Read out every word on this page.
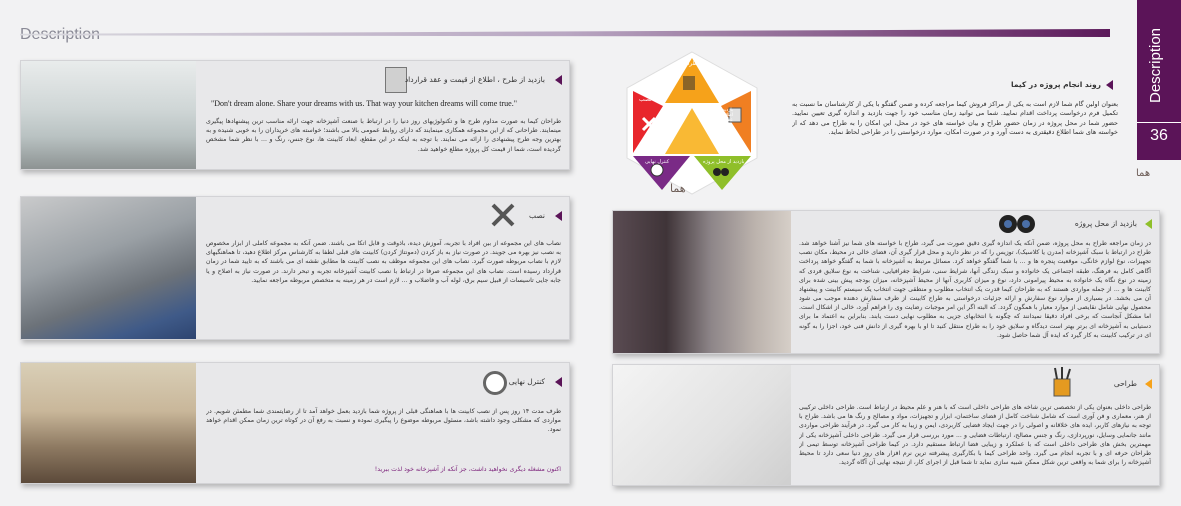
Description
36
طراحی
بازدید از طرح ، اطلاع از قیمت و عقد قرارداد
بازدید از محل پروژه
کنترل نهایی
نصب
ﻫﻤﺎ
روند انجام پروژه در کیما
بعنوان اولین گام شما لازم است به یکی از مراکز فروش کیما مراجعه کرده و ضمن گفتگو با یکی از کارشناسان ما نسبت به تکمیل فرم درخواست پرداخت اقدام نمایید. شما می توانید زمان مناسب خود را جهت بازدید و اندازه گیری تعیین نمایید. حضور شما در محل پروژه در زمان حضور طراح و بیان خواسته های خود در محل، این امکان را به طراح می دهد که از خواسته های شما اطلاع دقیقتری به دست آورد و در صورت امکان، موارد درخواستی را در طراحی لحاظ نماید.
ﻫﻤﺎ
بازدید از طرح ، اطلاع از قیمت و عقد قرارداد
"Don't dream alone. Share your dreams with us. That way your kitchen dreams will come true."
طراحان کیما به صورت مداوم طرح ها و تکنولوژیهای روز دنیا را در ارتباط با صنعت آشپزخانه جهت ارائه مناسب ترین پیشنهادها پیگیری مینمایند. طراحانی که از این مجموعه همکاری مینمایند که دارای روابط عمومی بالا می باشند؛ خواسته های خریداران را به خوبی شنیده و به بهترین وجه طرح پیشنهادی را ارائه می نمایند. با توجه به اینکه در این مقطع، ابعاد کابینت ها، نوع جنس، رنگ و ... با نظر شما مشخص گردیده است، شما از قیمت کل پروژه مطلع خواهید شد.
نصب
نصاب های این مجموعه از بین افراد با تجربه، آموزش دیده، باذوقت و قابل اتکا می باشند. ضمن آنکه به مجموعه کاملی از ابزار مخصوص به نصب نیز بهره می جویند. در صورت نیاز به باز کردن (دمونتاژ کردن) کابینت های قبلی لطفا به کارشناس مرکز اطلاع دهید، تا هماهنگیهای لازم با نصاب مربوطه صورت گیرد. نصاب های این مجموعه موظف به نصب کابینت ها مطابق نقشه ای می باشند که به تایید شما در زمان قرارداد رسیده است. نصاب های این مجموعه صرفا در ارتباط با نصب کابینت آشپزخانه تجربه و تبحر دارند. در صورت نیاز به اصلاح و یا جابه جایی تاسیسات از قبیل سیم برق، لوله آب و فاضلاب و ... لازم است در هر زمینه به متخصص مربوطه مراجعه نمایید.
کنترل نهایی
طرف مدت ۱۴ روز پس از نصب کابینت ها با هماهنگی قبلی از پروژه شما بازدید بعمل خواهد آمد تا از رضایتمندی شما مطمئن شویم. در مواردی که مشکلی وجود داشته باشد، مسئول مربوطه موضوع را پیگیری نموده و نسبت به رفع آن در کوتاه ترین زمان ممکن اقدام خواهد نمود.
اکنون مشغله دیگری نخواهید داشت، جز آنکه از آشپزخانه خود لذت ببرید!
بازدید از محل پروژه
در زمان مراجعه طراح به محل پروژه، ضمن آنکه یک اندازه گیری دقیق صورت می گیرد، طراح با خواسته های شما نیز آشنا خواهد شد. طراح در ارتباط با سبک آشپزخانه (مدرن یا کلاسیک)، توزیس را که در نظر دارید و محل قرار گیری آن، فضای خالی در محیط، مکان نصب تجهیزات، نوع لوازم خانگی، موقعیت پنجره ها و ... با شما گفتگو خواهد کرد. مسائل مرتبط به آشپزخانه با شما به گفتگو خواهد پرداخت آگاهی کامل به فرهنگ، طبقه اجتماعی یک خانواده و سبک زندگی آنها، شرایط سنی، شرایط جغرافیایی، شناخت به نوع سلایق فردی که زمینه در نوع نگاه یک خانواده به محیط پیرامونی دارد، نوع و میزان کاربری آنها از محیط آشپزخانه، میزان بودجه پیش بینی شده برای کابینت ها و ... از جمله مواردی هستند که به طراحان کیما قدرت یک انتخاب مطلوب و منطقی جهت انتخاب یک سیستم کابینت و پیشنهاد آن می بخشد. در بسیاری از موارد نوع سفارش و ارائه جزئیات درخواستی به طراح کابینت از طرف سفارش دهنده موجب می شود محصول نهایی شامل نقایصی از موارد معیار با همگون گردد. که البته اگر این امر موجبات رضایت وی را فراهم آورد، خالی از اشکال است. اما مشکل آنجاست که برخی افراد دقیقا نمیدانند که چگونه با انتخابهای جزیی به مطلوب نهایی دست یابند. بنابراین به اعتماد ما برای دستیابی به آشپزخانه ای برتر بهتر است دیدگاه و سلایق خود را به طراح منتقل کنید تا او با بهره گیری از دانش فنی خود، اجزا را به گونه ای در ترکیب کابینت به کار گیرد که ایده آل شما حاصل شود.
طراحی
طراحی داخلی بعنوان یکی از تخصصی ترین شاخه های طراحی داخلی است که با هنر و علم محیط در ارتباط است. طراحی داخلی ترکیبی از هنر، معماری و فن آوری است که شامل شناخت کامل از فضای ساختمان، ابزار و تجهیزات، مواد و مصالح و رنگ ها می باشد. طراح با توجه به نیازهای کاربر، ایده های خلاقانه و اصولی را در جهت ایجاد فضایی کاربردی، ایمن و زیبا به کار می گیرد. در فرآیند طراحی مواردی مانند جانمایی وسایل، نورپردازی، رنگ و جنس مصالح، ارتباطات فضایی و ... مورد بررسی قرار می گیرد. طراحی داخلی آشپزخانه یکی از مهمترین بخش های طراحی داخلی است که با عملکرد و زیبایی فضا ارتباط مستقیم دارد. در کیما طراحی آشپزخانه توسط تیمی از طراحان حرفه ای و با تجربه انجام می گیرد. واحد طراحی کیما با بکارگیری پیشرفته ترین نرم افزار های روز دنیا سعی دارد تا محیط آشپزخانه را برای شما به واقعی ترین شکل ممکن شبیه سازی نماید تا شما قبل از اجرای کار، از نتیجه نهایی آن آگاه گردید.
